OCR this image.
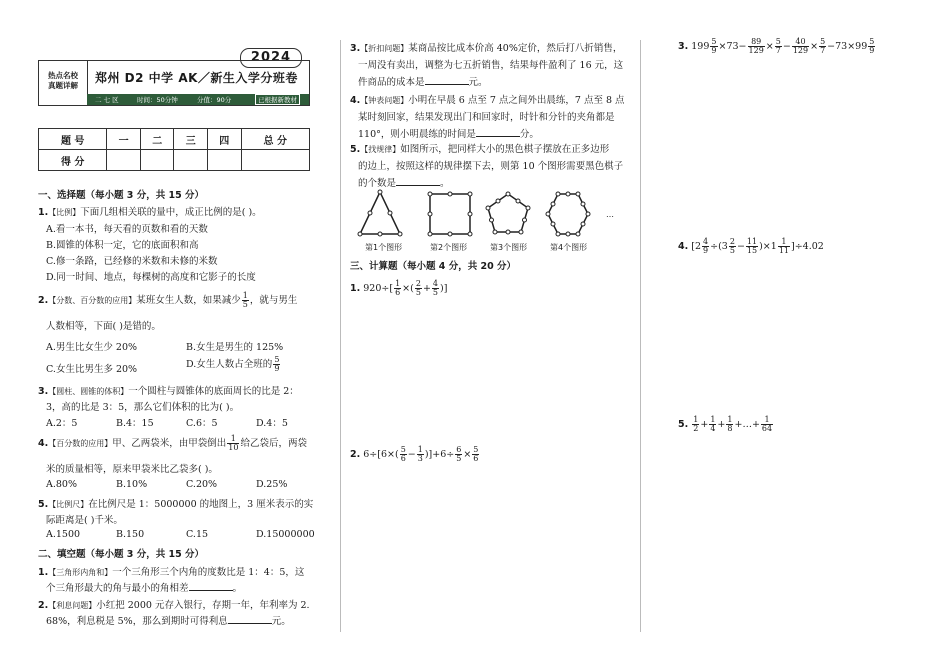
2024
热点名校
真题详解
郑州 D2 中学 AK／新生入学分班卷
二 七 区	时间：50分钟	分值：90分	已根据新教材
题 号	一	二	三	四	总 分
得 分					
一、选择题（每小题 3 分，共 15 分）
1.【比例】下面几组相关联的量中，成正比例的是( )。
A.看一本书，每天看的页数和看的天数
B.圆锥的体积一定，它的底面积和高
C.修一条路，已经修的米数和未修的米数
D.同一时间、地点，每棵树的高度和它影子的长度
2.【分数、百分数的应用】某班女生人数，如果减少 $\frac{1}{5}$ ，就与男生
人数相等，下面( )是错的。
A.男生比女生少 20%	B.女生是男生的 125%
C.女生比男生多 20%	D.女生人数占全班的 $\frac{5}{9}$
3.【圆柱、圆锥的体积】一个圆柱与圆锥体的底面周长的比是 2：
3，高的比是 3：5，那么它们体积的比为( )。
A.2：5	B.4：15	C.6：5	D.4：5
4.【百分数的应用】甲、乙两袋米，由甲袋倒出 $\frac{1}{10}$ 给乙袋后，两袋
米的质量相等，原来甲袋米比乙袋多( )。
A.80%	B.10%	C.20%	D.25%
5.【比例尺】在比例尺是 1：5000000 的地图上，3 厘米表示的实
际距离是( )千米。
A.1500	B.150	C.15	D.15000000
二、填空题（每小题 3 分，共 15 分）
1.【三角形内角和】一个三角形三个内角的度数比是 1：4：5，这
个三角形最大的角与最小的角相差	。
2.【利息问题】小红把 2000 元存入银行，存期一年，年利率为 2.
68%，利息税是 5%，那么到期时可得利息	元。
3.【折扣问题】某商品按比成本价高 40%定价，然后打八折销售，
一周没有卖出，调整为七五折销售，结果每件盈利了 16 元，这
件商品的成本是	元。
4.【钟表问题】小明在早晨 6 点至 7 点之间外出晨练，7 点至 8 点
某时刻回家，结果发现出门和回家时，时针和分针的夹角都是
110°，则小明晨练的时间是	分。
5.【找规律】如图所示，把同样大小的黑色棋子摆放在正多边形
的边上，按照这样的规律摆下去，则第 10 个图形需要黑色棋子
的个数是	。
第1个图形	第2个图形	第3个图形	第4个图形
…
三、计算题（每小题 4 分，共 20 分）
1. $920\div[ \frac{1}{6}$ ×( $\frac{2}{5} + \frac{4}{5}$ )]
2. $6\div[6\times( \frac{5}{6} - \frac{1}{3} )]+6\div \frac{6}{5} \times \frac{5}{6}$
3. $199 \frac{5}{9} \times 73- \frac{89}{129} \times \frac{5}{7} - \frac{40}{129} \times \frac{5}{7} -73\times 99 \frac{5}{9}$
4. $[2 \frac{4}{9} \div(3 \frac{2}{5} - \frac{11}{15} )\times 1 \frac{1}{11} ]\div 4.02$
5. $\frac{1}{2} + \frac{1}{4} + \frac{1}{8}$ +…+ $\frac{1}{64}$
